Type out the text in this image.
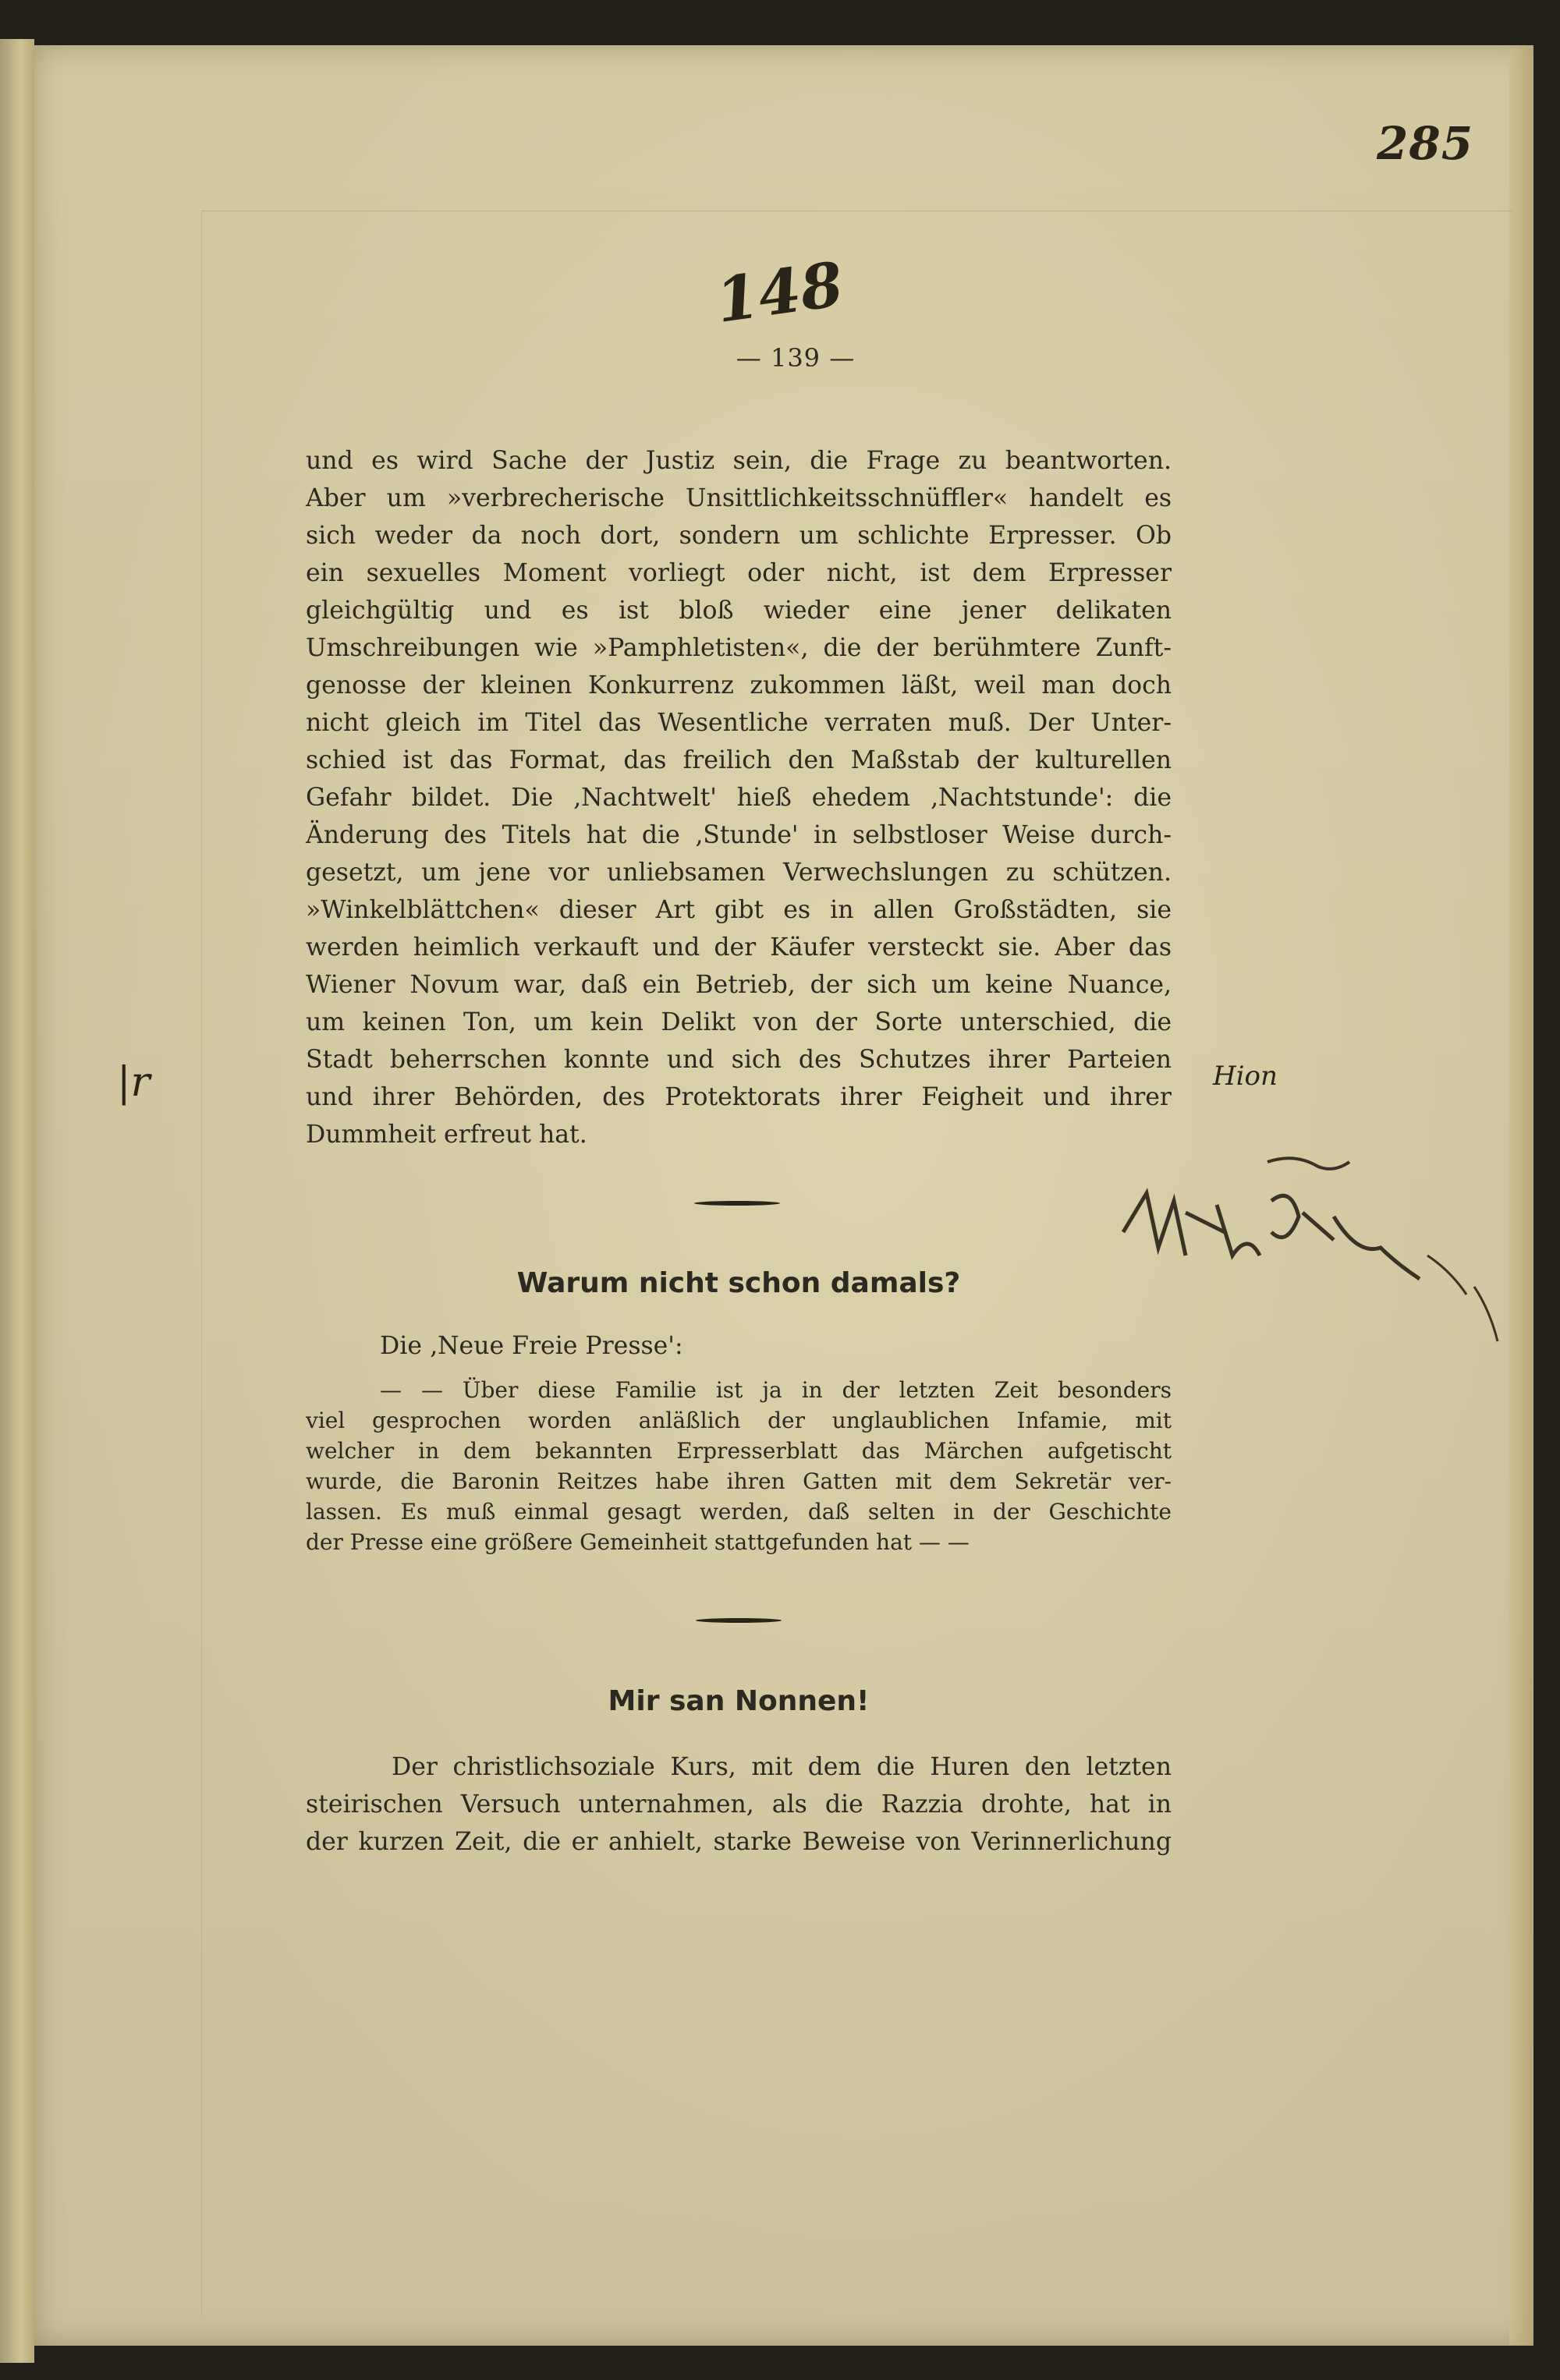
285
148
— 139 —
und es wird Sache der Justiz sein, die Frage zu beantworten.
Aber um »verbrecherische Unsittlichkeitsschnüffler« handelt es
sich weder da noch dort, sondern um schlichte Erpresser. Ob
ein sexuelles Moment vorliegt oder nicht, ist dem Erpresser
gleichgültig und es ist bloß wieder eine jener delikaten
Umschreibungen wie »Pamphletisten«, die der berühmtere Zunft-
genosse der kleinen Konkurrenz zukommen läßt, weil man doch
nicht gleich im Titel das Wesentliche verraten muß. Der Unter-
schied ist das Format, das freilich den Maßstab der kulturellen
Gefahr bildet. Die ‚Nachtwelt' hieß ehedem ‚Nachtstunde': die
Änderung des Titels hat die ‚Stunde' in selbstloser Weise durch-
gesetzt, um jene vor unliebsamen Verwechslungen zu schützen.
»Winkelblättchen« dieser Art gibt es in allen Großstädten, sie
werden heimlich verkauft und der Käufer versteckt sie. Aber das
Wiener Novum war, daß ein Betrieb, der sich um keine Nuance,
um keinen Ton, um kein Delikt von der Sorte unterschied, die
Stadt beherrschen konnte und sich des Schutzes ihrer Parteien
und ihrer Behörden, des Protektorats ihrer Feigheit und ihrer
Dummheit erfreut hat.
|r	Hion
Warum nicht schon damals?
Die ‚Neue Freie Presse':
— — Über diese Familie ist ja in der letzten Zeit besonders
viel gesprochen worden anläßlich der unglaublichen Infamie, mit
welcher in dem bekannten Erpresserblatt das Märchen aufgetischt
wurde, die Baronin Reitzes habe ihren Gatten mit dem Sekretär ver-
lassen. Es muß einmal gesagt werden, daß selten in der Geschichte
der Presse eine größere Gemeinheit stattgefunden hat — —
Mir san Nonnen!
Der christlichsoziale Kurs, mit dem die Huren den letzten
steirischen Versuch unternahmen, als die Razzia drohte, hat in
der kurzen Zeit, die er anhielt, starke Beweise von Verinnerlichung
